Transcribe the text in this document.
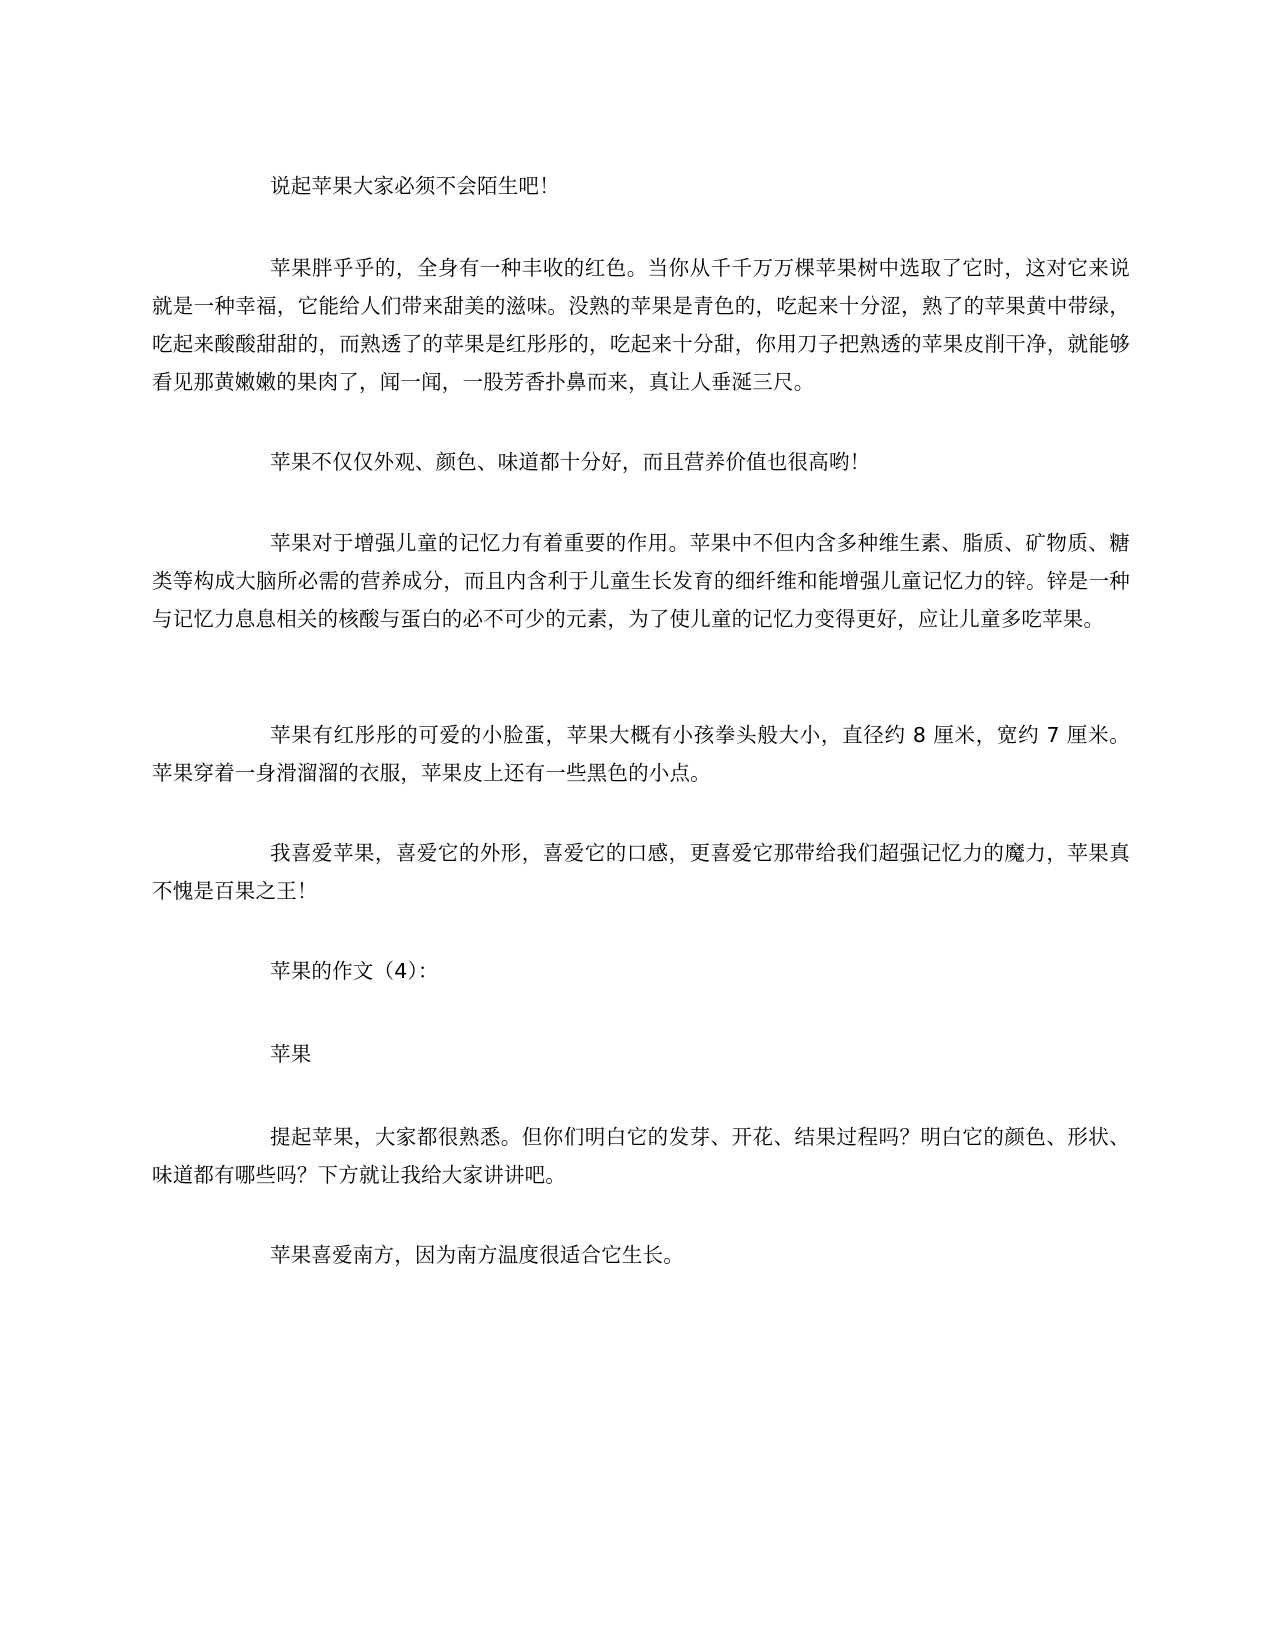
说起苹果大家必须不会陌生吧！

苹果胖乎乎的，全身有一种丰收的红色。当你从千千万万棵苹果树中选取了它时，这对它来说就是一种幸福，它能给人们带来甜美的滋味。没熟的苹果是青色的，吃起来十分涩，熟了的苹果黄中带绿，吃起来酸酸甜甜的，而熟透了的苹果是红彤彤的，吃起来十分甜，你用刀子把熟透的苹果皮削干净，就能够看见那黄嫩嫩的果肉了，闻一闻，一股芳香扑鼻而来，真让人垂涎三尺。

苹果不仅仅外观、颜色、味道都十分好，而且营养价值也很高哟！

苹果对于增强儿童的记忆力有着重要的作用。苹果中不但内含多种维生素、脂质、矿物质、糖类等构成大脑所必需的营养成分，而且内含利于儿童生长发育的细纤维和能增强儿童记忆力的锌。锌是一种与记忆力息息相关的核酸与蛋白的必不可少的元素，为了使儿童的记忆力变得更好，应让儿童多吃苹果。

苹果有红彤彤的可爱的小脸蛋，苹果大概有小孩拳头般大小，直径约 8 厘米，宽约 7 厘米。苹果穿着一身滑溜溜的衣服，苹果皮上还有一些黑色的小点。

我喜爱苹果，喜爱它的外形，喜爱它的口感，更喜爱它那带给我们超强记忆力的魔力，苹果真不愧是百果之王！

苹果的作文（4）：

苹果

提起苹果，大家都很熟悉。但你们明白它的发芽、开花、结果过程吗？明白它的颜色、形状、味道都有哪些吗？下方就让我给大家讲讲吧。

苹果喜爱南方，因为南方温度很适合它生长。
